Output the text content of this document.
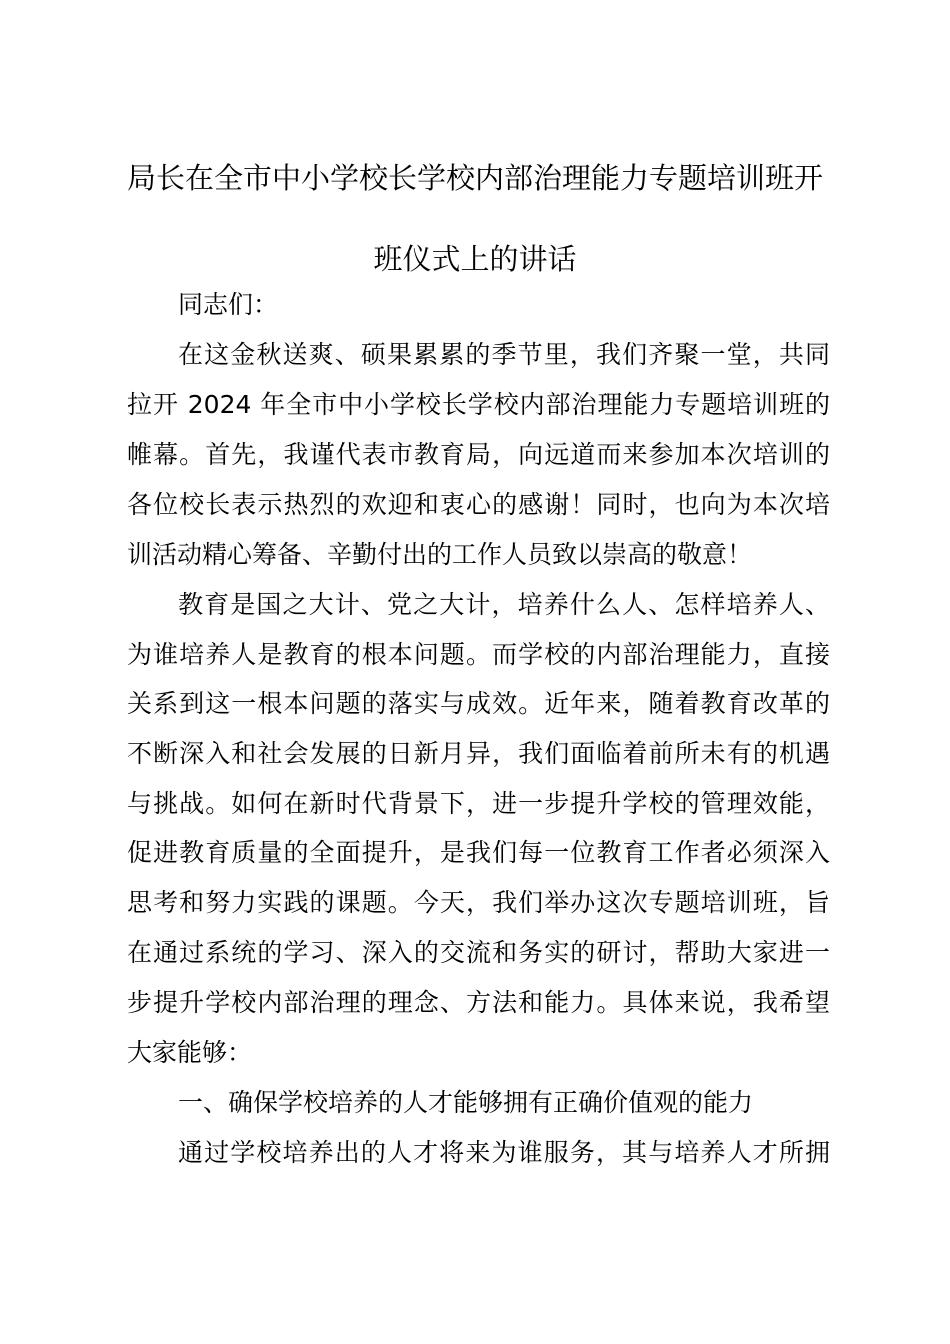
局长在全市中小学校长学校内部治理能力专题培训班开
班仪式上的讲话

同志们：

在这金秋送爽、硕果累累的季节里，我们齐聚一堂，共同

拉开 2024 年全市中小学校长学校内部治理能力专题培训班的

帷幕。首先，我谨代表市教育局，向远道而来参加本次培训的

各位校长表示热烈的欢迎和衷心的感谢！同时，也向为本次培

训活动精心筹备、辛勤付出的工作人员致以崇高的敬意！

教育是国之大计、党之大计，培养什么人、怎样培养人、

为谁培养人是教育的根本问题。而学校的内部治理能力，直接

关系到这一根本问题的落实与成效。近年来，随着教育改革的

不断深入和社会发展的日新月异，我们面临着前所未有的机遇

与挑战。如何在新时代背景下，进一步提升学校的管理效能，

促进教育质量的全面提升，是我们每一位教育工作者必须深入

思考和努力实践的课题。今天，我们举办这次专题培训班，旨

在通过系统的学习、深入的交流和务实的研讨，帮助大家进一

步提升学校内部治理的理念、方法和能力。具体来说，我希望

大家能够：

一、确保学校培养的人才能够拥有正确价值观的能力

通过学校培养出的人才将来为谁服务，其与培养人才所拥
